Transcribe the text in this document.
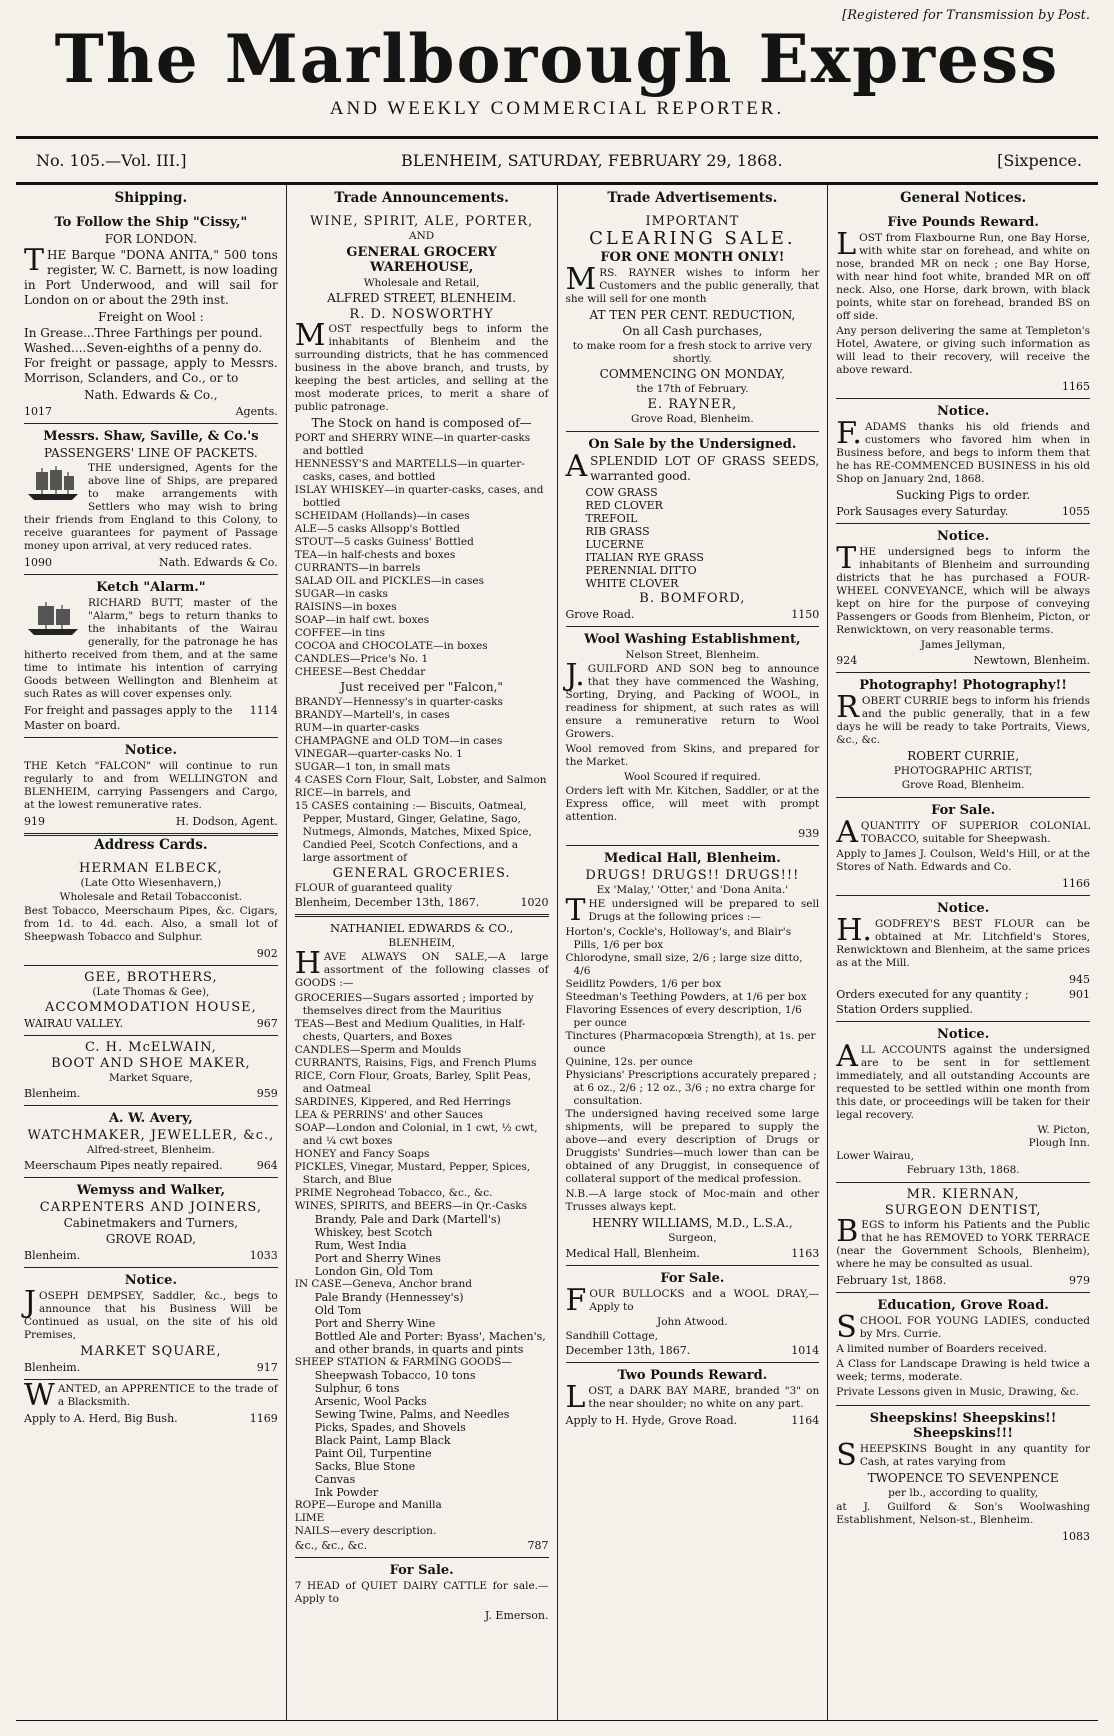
[Registered for Transmission by Post.
The Marlborough Express
AND WEEKLY COMMERCIAL REPORTER.
No. 105.—Vol. III.]	BLENHEIM, SATURDAY, FEBRUARY 29, 1868.	[Sixpence.
Shipping.
To Follow the Ship "Cissy,"
FOR LONDON.

THE Barque "DONA ANITA," 500 tons register, W. C. Barnett, is now loading in Port Underwood, and will sail for London on or about the 29th inst.

Freight on Wool :
In Grease...Three Farthings per pound.
Washed....Seven-eighths of a penny do.

For freight or passage, apply to Messrs. Morrison, Sclanders, and Co., or to

Nath. Edwards & Co.,
1017	Agents.
Messrs. Shaw, Saville, & Co.'s
PASSENGERS' LINE OF PACKETS.

THE undersigned, Agents for the above line of Ships, are prepared to make arrangements with Settlers who may wish to bring their friends from England to this Colony, to receive guarantees for payment of Passage money upon arrival, at very reduced rates.

1090	Nath. Edwards & Co.
Ketch "Alarm."

RICHARD BUTT, master of the "Alarm," begs to return thanks to the inhabitants of the Wairau generally, for the patronage he has hitherto received from them, and at the same time to intimate his intention of carrying Goods between Wellington and Blenheim at such Rates as will cover expenses only.

For freight and passages apply to the Master on board.
1114
Notice.

THE Ketch "FALCON" will continue to run regularly to and from WELLINGTON and BLENHEIM, carrying Passengers and Cargo, at the lowest remunerative rates.

919	H. Dodson, Agent.
Address Cards.
HERMAN ELBECK,
(Late Otto Wiesenhavern,)
Wholesale and Retail Tobacconist.

Best Tobacco, Meerschaum Pipes, &c. Cigars, from 1d. to 4d. each. Also, a small lot of Sheepwash Tobacco and Sulphur.

902
GEE, BROTHERS,
(Late Thomas & Gee),
ACCOMMODATION HOUSE,
WAIRAU VALLEY.	967
C. H. McELWAIN,
BOOT AND SHOE MAKER,
Market Square,
Blenheim.	959
A. W. Avery,
WATCHMAKER, JEWELLER, &c.,
Alfred-street, Blenheim.
Meerschaum Pipes neatly repaired.	964
Wemyss and Walker,
CARPENTERS AND JOINERS,
Cabinetmakers and Turners,
GROVE ROAD,
Blenheim.	1033
Notice.

JOSEPH DEMPSEY, Saddler, &c., begs to announce that his Business Will be Continued as usual, on the site of his old Premises,

MARKET SQUARE,
Blenheim.	917

WANTED, an APPRENTICE to the trade of a Blacksmith.

Apply to A. Herd, Big Bush.	1169
Trade Announcements.
WINE, SPIRIT, ALE, PORTER,
AND
GENERAL GROCERY WAREHOUSE,
Wholesale and Retail,
ALFRED STREET, BLENHEIM.
R. D. NOSWORTHY

MOST respectfully begs to inform the inhabitants of Blenheim and the surrounding districts, that he has commenced business in the above branch, and trusts, by keeping the best articles, and selling at the most moderate prices, to merit a share of public patronage.

The Stock on hand is composed of—
PORT and SHERRY WINE—in quarter-casks and bottled
HENNESSY'S and MARTELLS—in quarter-casks, cases, and bottled
ISLAY WHISKEY—in quarter-casks, cases, and bottled
SCHEIDAM (Hollands)—in cases
ALE—5 casks Allsopp's Bottled
STOUT—5 casks Guiness' Bottled
TEA—in half-chests and boxes
CURRANTS—in barrels
SALAD OIL and PICKLES—in cases
SUGAR—in casks
RAISINS—in boxes
SOAP—in half cwt. boxes
COFFEE—in tins
COCOA and CHOCOLATE—in boxes
CANDLES—Price's No. 1
CHEESE—Best Cheddar
Just received per "Falcon,"
BRANDY—Hennessy's in quarter-casks
BRANDY—Martell's, in cases
RUM—in quarter-casks
CHAMPAGNE and OLD TOM—in cases
VINEGAR—quarter-casks No. 1
SUGAR—1 ton, in small mats
4 CASES Corn Flour, Salt, Lobster, and Salmon
RICE—in barrels, and
15 CASES containing :— Biscuits, Oatmeal, Pepper, Mustard, Ginger, Gelatine, Sago, Nutmegs, Almonds, Matches, Mixed Spice, Candied Peel, Scotch Confections, and a large assortment of
GENERAL GROCERIES.
FLOUR of guaranteed quality
Blenheim, December 13th, 1867.	1020
NATHANIEL EDWARDS & CO.,
BLENHEIM,

HAVE ALWAYS ON SALE,—A large assortment of the following classes of GOODS :—

GROCERIES—Sugars assorted ; imported by themselves direct from the Mauritius
TEAS—Best and Medium Qualities, in Half-chests, Quarters, and Boxes
CANDLES—Sperm and Moulds
CURRANTS, Raisins, Figs, and French Plums
RICE, Corn Flour, Groats, Barley, Split Peas, and Oatmeal
SARDINES, Kippered, and Red Herrings
LEA & PERRINS' and other Sauces
SOAP—London and Colonial, in 1 cwt, ½ cwt, and ¼ cwt boxes
HONEY and Fancy Soaps
PICKLES, Vinegar, Mustard, Pepper, Spices, Starch, and Blue
PRIME Negrohead Tobacco, &c., &c.
WINES, SPIRITS, and BEERS—in Qr.-Casks
Brandy, Pale and Dark (Martell's)
Whiskey, best Scotch
Rum, West India
Port and Sherry Wines
London Gin, Old Tom
IN CASE—Geneva, Anchor brand
Pale Brandy (Hennessey's)
Old Tom
Port and Sherry Wine
Bottled Ale and Porter: Byass', Machen's, and other brands, in quarts and pints
SHEEP STATION & FARMING GOODS—
Sheepwash Tobacco, 10 tons
Sulphur, 6 tons
Arsenic, Wool Packs
Sewing Twine, Palms, and Needles
Picks, Spades, and Shovels
Black Paint, Lamp Black
Paint Oil, Turpentine
Sacks, Blue Stone
Canvas
Ink Powder
ROPE—Europe and Manilla
LIME
NAILS—every description.
&c., &c., &c.	787
For Sale.

7 HEAD of QUIET DAIRY CATTLE for sale.—Apply to

J. Emerson.
Trade Advertisements.
IMPORTANT
CLEARING SALE.
FOR ONE MONTH ONLY!

MRS. RAYNER wishes to inform her Customers and the public generally, that she will sell for one month

AT TEN PER CENT. REDUCTION,
On all Cash purchases,
to make room for a fresh stock to arrive very shortly.
COMMENCING ON MONDAY,
the 17th of February.
E. RAYNER,
Grove Road, Blenheim.
On Sale by the Undersigned.

ASPLENDID LOT OF GRASS SEEDS, warranted good.

COW GRASS
RED CLOVER
TREFOIL
RIB GRASS
LUCERNE
ITALIAN RYE GRASS
PERENNIAL DITTO
WHITE CLOVER
B. BOMFORD,
Grove Road.	1150
Wool Washing Establishment,
Nelson Street, Blenheim.

J.GUILFORD AND SON beg to announce that they have commenced the Washing, Sorting, Drying, and Packing of WOOL, in readiness for shipment, at such rates as will ensure a remunerative return to Wool Growers.

Wool removed from Skins, and prepared for the Market.

Wool Scoured if required.

Orders left with Mr. Kitchen, Saddler, or at the Express office, will meet with prompt attention.

939
Medical Hall, Blenheim.
DRUGS! DRUGS!! DRUGS!!!
Ex 'Malay,' 'Otter,' and 'Dona Anita.'

THE undersigned will be prepared to sell Drugs at the following prices :—

Horton's, Cockle's, Holloway's, and Blair's Pills, 1/6 per box
Chlorodyne, small size, 2/6 ; large size ditto, 4/6
Seidlitz Powders, 1/6 per box
Steedman's Teething Powders, at 1/6 per box
Flavoring Essences of every description, 1/6 per ounce
Tinctures (Pharmacopœia Strength), at 1s. per ounce
Quinine, 12s. per ounce
Physicians' Prescriptions accurately prepared ; at 6 oz., 2/6 ; 12 oz., 3/6 ; no extra charge for consultation.

The undersigned having received some large shipments, will be prepared to supply the above—and every description of Drugs or Druggists' Sundries—much lower than can be obtained of any Druggist, in consequence of collateral support of the medical profession.

N.B.—A large stock of Moc-main and other Trusses always kept.

HENRY WILLIAMS, M.D., L.S.A.,
Surgeon,
Medical Hall, Blenheim.	1163
For Sale.

FOUR BULLOCKS and a WOOL DRAY,—Apply to

John Atwood.
Sandhill Cottage,
December 13th, 1867.	1014
Two Pounds Reward.

LOST, a DARK BAY MARE, branded "3" on the near shoulder; no white on any part.

Apply to H. Hyde, Grove Road.	1164
General Notices.
Five Pounds Reward.

LOST from Flaxbourne Run, one Bay Horse, with white star on forehead, and white on nose, branded MR on neck ; one Bay Horse, with near hind foot white, branded MR on off neck. Also, one Horse, dark brown, with black points, white star on forehead, branded BS on off side.

Any person delivering the same at Templeton's Hotel, Awatere, or giving such information as will lead to their recovery, will receive the above reward.

1165
Notice.

F.ADAMS thanks his old friends and customers who favored him when in Business before, and begs to inform them that he has RE-COMMENCED BUSINESS in his old Shop on January 2nd, 1868.

Sucking Pigs to order.
Pork Sausages every Saturday.	1055
Notice.

THE undersigned begs to inform the inhabitants of Blenheim and surrounding districts that he has purchased a FOUR-WHEEL CONVEYANCE, which will be always kept on hire for the purpose of conveying Passengers or Goods from Blenheim, Picton, or Renwicktown, on very reasonable terms.

James Jellyman,
924	Newtown, Blenheim.
Photography! Photography!!

ROBERT CURRIE begs to inform his friends and the public generally, that in a few days he will be ready to take Portraits, Views, &c., &c.

ROBERT CURRIE,
PHOTOGRAPHIC ARTIST,
Grove Road, Blenheim.
For Sale.

AQUANTITY OF SUPERIOR COLONIAL TOBACCO, suitable for Sheepwash.

Apply to James J. Coulson, Weld's Hill, or at the Stores of Nath. Edwards and Co.

1166
Notice.

H.GODFREY'S BEST FLOUR can be obtained at Mr. Litchfield's Stores, Renwicktown and Blenheim, at the same prices as at the Mill.

945
Orders executed for any quantity ; Station Orders supplied.
901
Notice.

ALL ACCOUNTS against the undersigned are to be sent in for settlement immediately, and all outstanding Accounts are requested to be settled within one month from this date, or proceedings will be taken for their legal recovery.

W. Picton,
Plough Inn.
Lower Wairau,
February 13th, 1868.
MR. KIERNAN,
SURGEON DENTIST,

BEGS to inform his Patients and the Public that he has REMOVED to YORK TERRACE (near the Government Schools, Blenheim), where he may be consulted as usual.

February 1st, 1868.	979
Education, Grove Road.

SCHOOL FOR YOUNG LADIES, conducted by Mrs. Currie.

A limited number of Boarders received.

A Class for Landscape Drawing is held twice a week; terms, moderate.

Private Lessons given in Music, Drawing, &c.

Sheepskins! Sheepskins!! Sheepskins!!!

SHEEPSKINS Bought in any quantity for Cash, at rates varying from

TWOPENCE TO SEVENPENCE
per lb., according to quality,

at J. Guilford & Son's Woolwashing Establishment, Nelson-st., Blenheim.

1083
